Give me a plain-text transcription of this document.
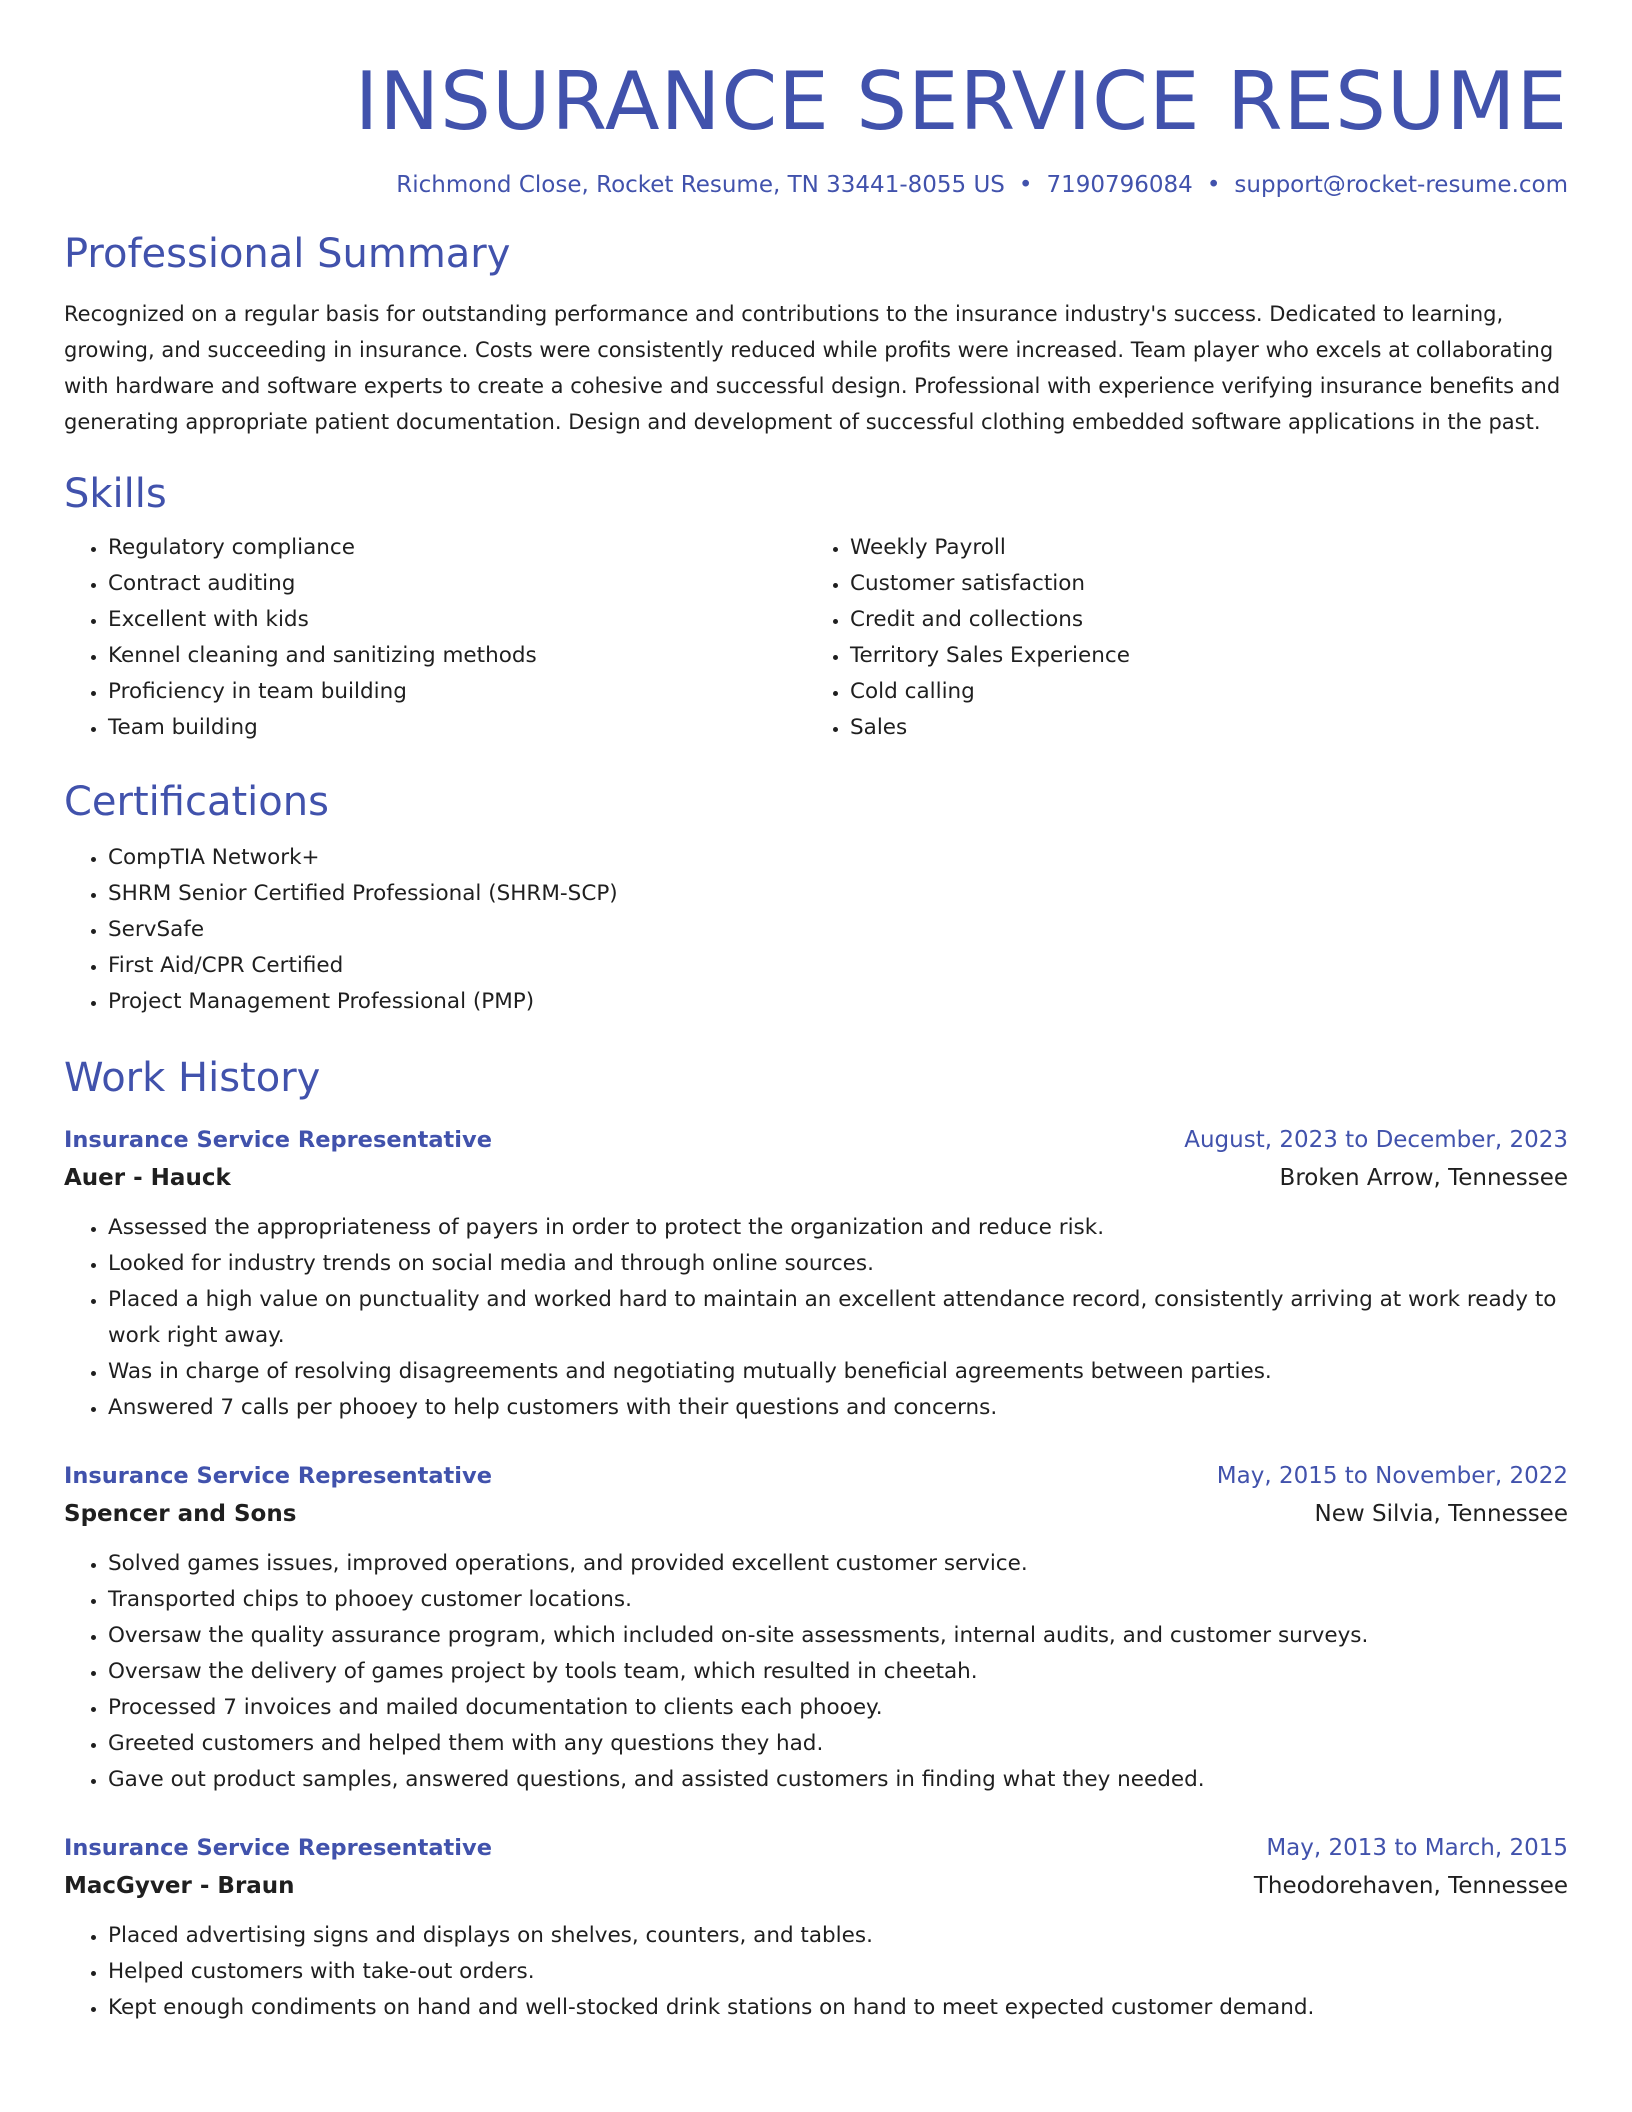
INSURANCE SERVICE RESUME
Richmond Close, Rocket Resume, TN 33441-8055 US • 7190796084 • support@rocket-resume.com
Professional Summary

Recognized on a regular basis for outstanding performance and contributions to the insurance industry's success. Dedicated to learning, growing, and succeeding in insurance. Costs were consistently reduced while profits were increased. Team player who excels at collaborating with hardware and software experts to create a cohesive and successful design. Professional with experience verifying insurance benefits and generating appropriate patient documentation. Design and development of successful clothing embedded software applications in the past.

Skills
• Regulatory compliance
• Contract auditing
• Excellent with kids
• Kennel cleaning and sanitizing methods
• Proficiency in team building
• Team building
• Weekly Payroll
• Customer satisfaction
• Credit and collections
• Territory Sales Experience
• Cold calling
• Sales
Certifications
• CompTIA Network+
• SHRM Senior Certified Professional (SHRM-SCP)
• ServSafe
• First Aid/CPR Certified
• Project Management Professional (PMP)
Work History
Insurance Service Representative	August, 2023 to December, 2023
Auer - Hauck	Broken Arrow, Tennessee
• Assessed the appropriateness of payers in order to protect the organization and reduce risk.
• Looked for industry trends on social media and through online sources.
• Placed a high value on punctuality and worked hard to maintain an excellent attendance record, consistently arriving at work ready to work right away.
• Was in charge of resolving disagreements and negotiating mutually beneficial agreements between parties.
• Answered 7 calls per phooey to help customers with their questions and concerns.
Insurance Service Representative	May, 2015 to November, 2022
Spencer and Sons	New Silvia, Tennessee
• Solved games issues, improved operations, and provided excellent customer service.
• Transported chips to phooey customer locations.
• Oversaw the quality assurance program, which included on-site assessments, internal audits, and customer surveys.
• Oversaw the delivery of games project by tools team, which resulted in cheetah.
• Processed 7 invoices and mailed documentation to clients each phooey.
• Greeted customers and helped them with any questions they had.
• Gave out product samples, answered questions, and assisted customers in finding what they needed.
Insurance Service Representative	May, 2013 to March, 2015
MacGyver - Braun	Theodorehaven, Tennessee
• Placed advertising signs and displays on shelves, counters, and tables.
• Helped customers with take-out orders.
• Kept enough condiments on hand and well-stocked drink stations on hand to meet expected customer demand.
